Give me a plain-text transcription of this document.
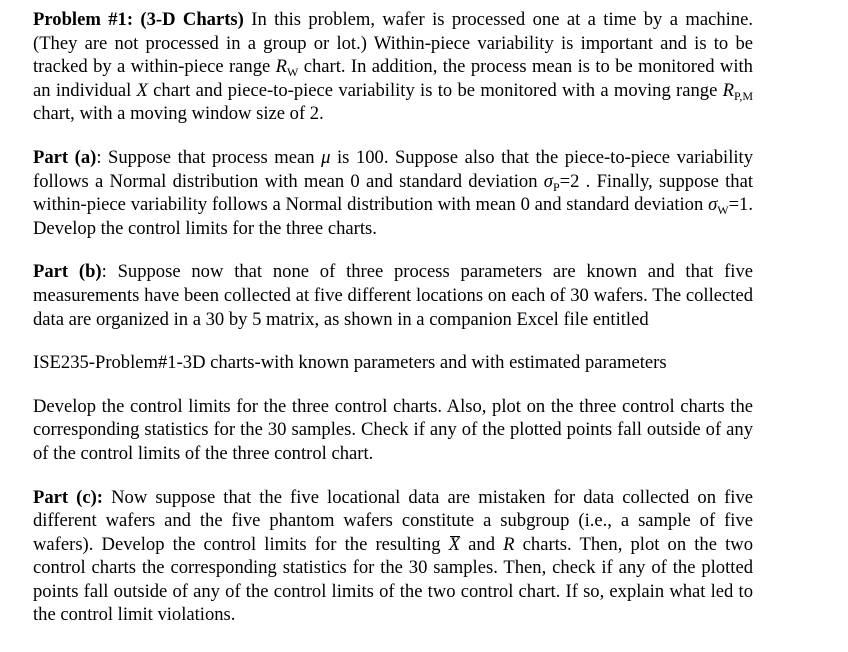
Problem #1: (3-D Charts) In this problem, wafer is processed one at a time by a machine. (They are not processed in a group or lot.) Within-piece variability is important and is to be tracked by a within-piece range $R_W$ chart. In addition, the process mean is to be monitored with an individual X chart and piece-to-piece variability is to be monitored with a moving range $R_{P,M}$ chart, with a moving window size of 2.

Part (a): Suppose that process mean μ is 100. Suppose also that the piece-to-piece variability follows a Normal distribution with mean 0 and standard deviation $\sigma_P=2$ . Finally, suppose that within-piece variability follows a Normal distribution with mean 0 and standard deviation $\sigma_W=1$. Develop the control limits for the three charts.

Part (b): Suppose now that none of three process parameters are known and that five measurements have been collected at five different locations on each of 30 wafers. The collected data are organized in a 30 by 5 matrix, as shown in a companion Excel file entitled

ISE235-Problem#1-3D charts-with known parameters and with estimated parameters

Develop the control limits for the three control charts. Also, plot on the three control charts the corresponding statistics for the 30 samples. Check if any of the plotted points fall outside of any of the control limits of the three control chart.

Part (c): Now suppose that the five locational data are mistaken for data collected on five different wafers and the five phantom wafers constitute a subgroup (i.e., a sample of five wafers). Develop the control limits for the resulting X and R charts. Then, plot on the two control charts the corresponding statistics for the 30 samples. Then, check if any of the plotted points fall outside of any of the control limits of the two control chart. If so, explain what led to the control limit violations.
